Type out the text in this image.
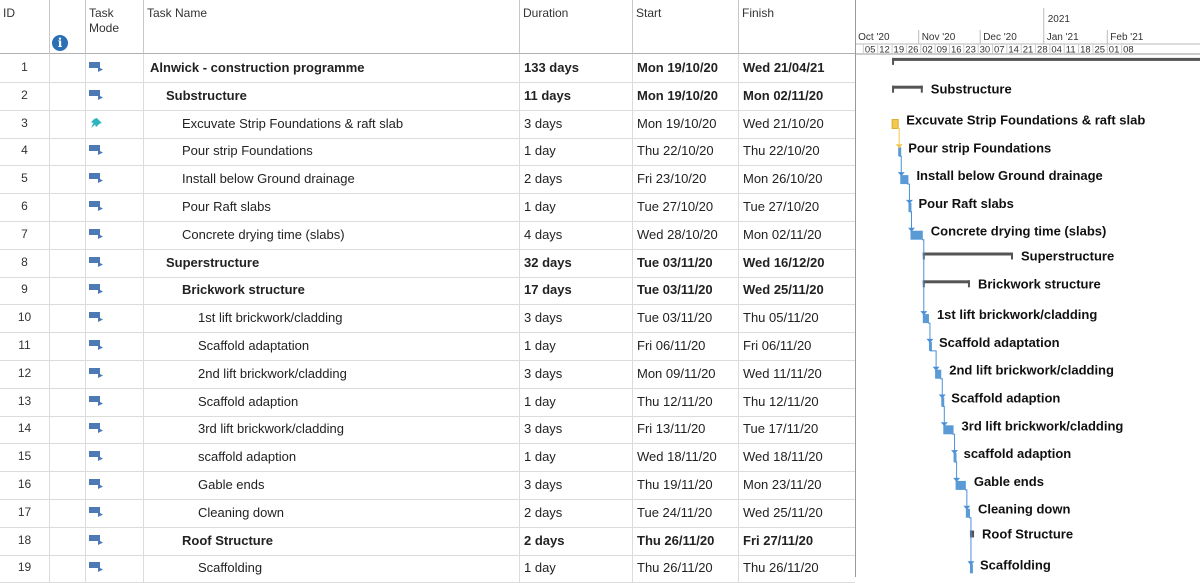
ID
i
Task
Mode
Task Name	Duration	Start	Finish
1	Alnwick - construction programme	133 days	Mon 19/10/20	Wed 21/04/21
2	Substructure	11 days	Mon 19/10/20	Mon 02/11/20
3	Excuvate Strip Foundations & raft slab	3 days	Mon 19/10/20	Wed 21/10/20
4	Pour strip Foundations	1 day	Thu 22/10/20	Thu 22/10/20
5	Install below Ground drainage	2 days	Fri 23/10/20	Mon 26/10/20
6	Pour Raft slabs	1 day	Tue 27/10/20	Tue 27/10/20
7	Concrete drying time (slabs)	4 days	Wed 28/10/20	Mon 02/11/20
8	Superstructure	32 days	Tue 03/11/20	Wed 16/12/20
9	Brickwork structure	17 days	Tue 03/11/20	Wed 25/11/20
10	1st lift brickwork/cladding	3 days	Tue 03/11/20	Thu 05/11/20
11	Scaffold adaptation	1 day	Fri 06/11/20	Fri 06/11/20
12	2nd lift brickwork/cladding	3 days	Mon 09/11/20	Wed 11/11/20
13	Scaffold adaption	1 day	Thu 12/11/20	Thu 12/11/20
14	3rd lift brickwork/cladding	3 days	Fri 13/11/20	Tue 17/11/20
15	scaffold adaption	1 day	Wed 18/11/20	Wed 18/11/20
16	Gable ends	3 days	Thu 19/11/20	Mon 23/11/20
17	Cleaning down	2 days	Tue 24/11/20	Wed 25/11/20
18	Roof Structure	2 days	Thu 26/11/20	Fri 27/11/20
19	Scaffolding	1 day	Thu 26/11/20	Thu 26/11/20
2021
Oct '20	Nov '20	Dec '20	Jan '21	Feb '21
05 12 19 26 02 09 16 23 30 07 14 21 28 04 11 18 25 01 08
Substructure
Excuvate Strip Foundations & raft slab
Pour strip Foundations
Install below Ground drainage
Pour Raft slabs
Concrete drying time (slabs)
Superstructure
Brickwork structure
1st lift brickwork/cladding
Scaffold adaptation
2nd lift brickwork/cladding
Scaffold adaption
3rd lift brickwork/cladding
scaffold adaption
Gable ends
Cleaning down
Roof Structure
Scaffolding
